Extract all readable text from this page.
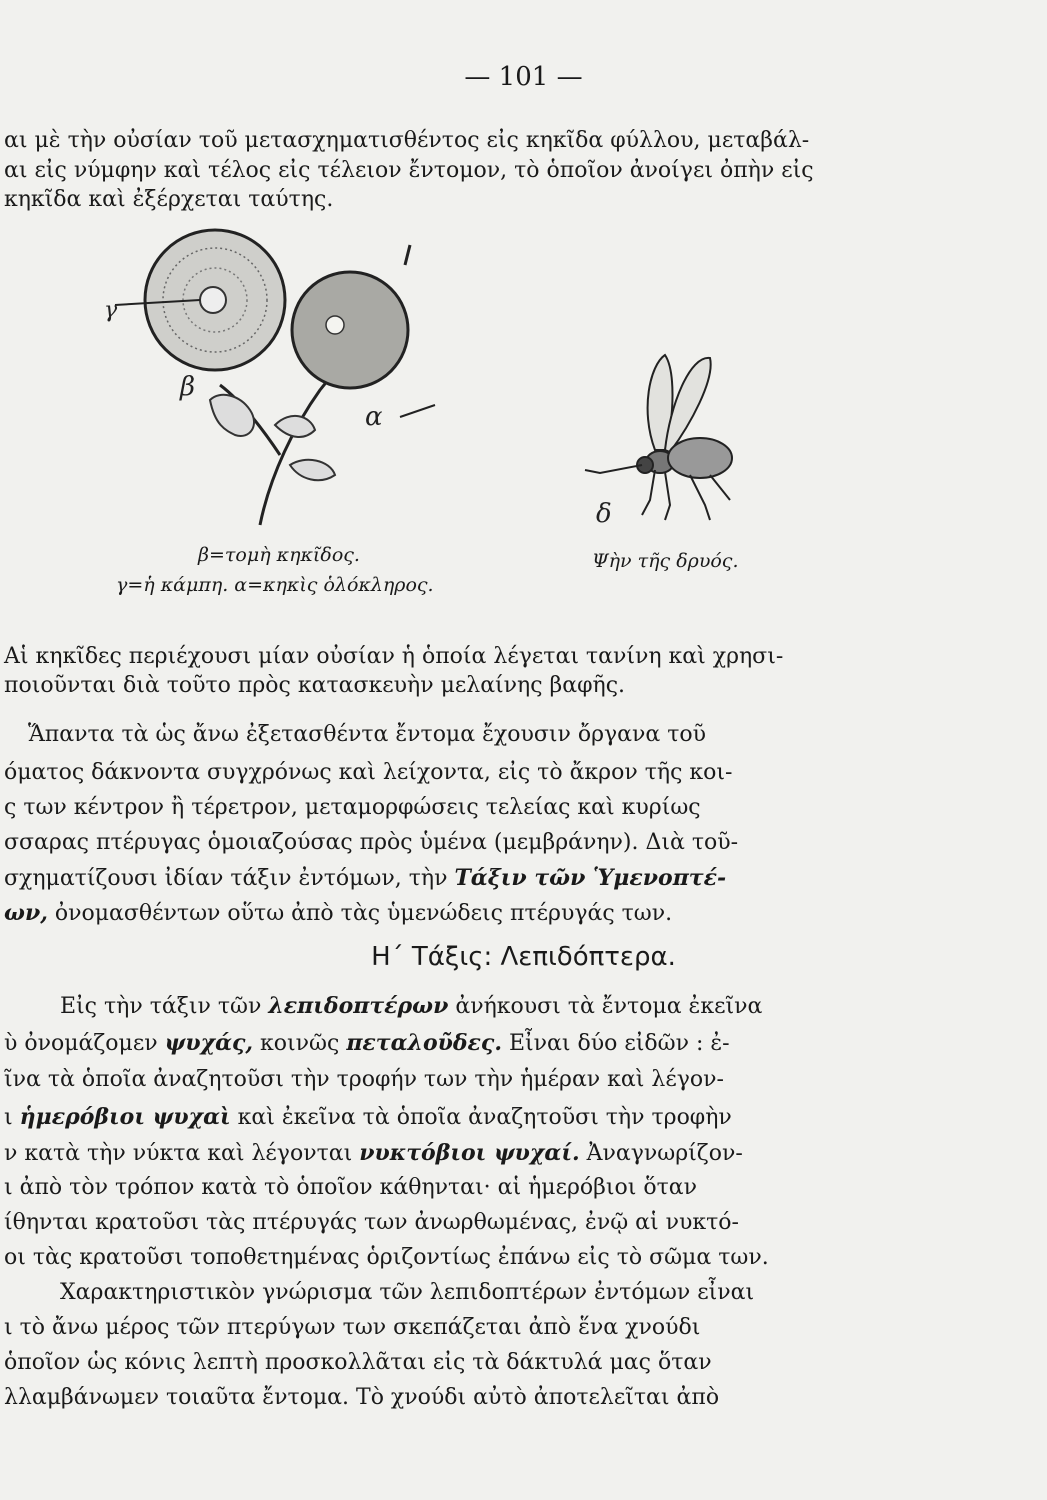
— 101 —
αι μὲ τὴν οὐσίαν τοῦ μετασχηματισθέντος εἰς κηκῖδα φύλλου, μεταβάλ-
αι εἰς νύμφην καὶ τέλος εἰς τέλειον ἔντομον, τὸ ὁποῖον ἀνοίγει ὀπὴν εἰς
κηκῖδα καὶ ἐξέρχεται ταύτης.
γ
β
α
δ
β=τομὴ κηκῖδος.
γ=ἡ κάμπη. α=κηκὶς ὁλόκληρος.
Ψὴν τῆς δρυός.
Αἱ κηκῖδες περιέχουσι μίαν οὐσίαν ἡ ὁποία λέγεται τανίνη καὶ χρησι-
ποιοῦνται διὰ τοῦτο πρὸς κατασκευὴν μελαίνης βαφῆς.
Ἅπαντα τὰ ὡς ἄνω ἐξετασθέντα ἔντομα ἔχουσιν ὄργανα τοῦ
όματος δάκνοντα συγχρόνως καὶ λείχοντα, εἰς τὸ ἄκρον τῆς κοι-
ς των κέντρον ἢ τέρετρον, μεταμορφώσεις τελείας καὶ κυρίως
σσαρας πτέρυγας ὁμοιαζούσας πρὸς ὑμένα (μεμβράνην). Διὰ τοῦ-
σχηματίζουσι ἰδίαν τάξιν ἐντόμων, τὴν Τάξιν τῶν Ὑμενοπτέ-
ων, ὀνομασθέντων οὕτω ἀπὸ τὰς ὑμενώδεις πτέρυγάς των.
Η΄ Τάξις: Λεπιδόπτερα.
Εἰς τὴν τάξιν τῶν λεπιδοπτέρων ἀνήκουσι τὰ ἔντομα ἐκεῖνα
ὺ ὀνομάζομεν ψυχάς, κοινῶς πεταλοῦδες. Εἶναι δύο εἰδῶν : ἐ-
ῖνα τὰ ὁποῖα ἀναζητοῦσι τὴν τροφήν των τὴν ἡμέραν καὶ λέγον-
ι ἡμερόβιοι ψυχαὶ καὶ ἐκεῖνα τὰ ὁποῖα ἀναζητοῦσι τὴν τροφὴν
ν κατὰ τὴν νύκτα καὶ λέγονται νυκτόβιοι ψυχαί. Ἀναγνωρίζον-
ι ἀπὸ τὸν τρόπον κατὰ τὸ ὁποῖον κάθηνται· αἱ ἡμερόβιοι ὅταν
ίθηνται κρατοῦσι τὰς πτέρυγάς των ἀνωρθωμένας, ἐνῷ αἱ νυκτό-
οι τὰς κρατοῦσι τοποθετημένας ὁριζοντίως ἐπάνω εἰς τὸ σῶμα των.
Χαρακτηριστικὸν γνώρισμα τῶν λεπιδοπτέρων ἐντόμων εἶναι
ι τὸ ἄνω μέρος τῶν πτερύγων των σκεπάζεται ἀπὸ ἕνα χνούδι
ὁποῖον ὡς κόνις λεπτὴ προσκολλᾶται εἰς τὰ δάκτυλά μας ὅταν
λλαμβάνωμεν τοιαῦτα ἔντομα. Τὸ χνούδι αὐτὸ ἀποτελεῖται ἀπὸ
